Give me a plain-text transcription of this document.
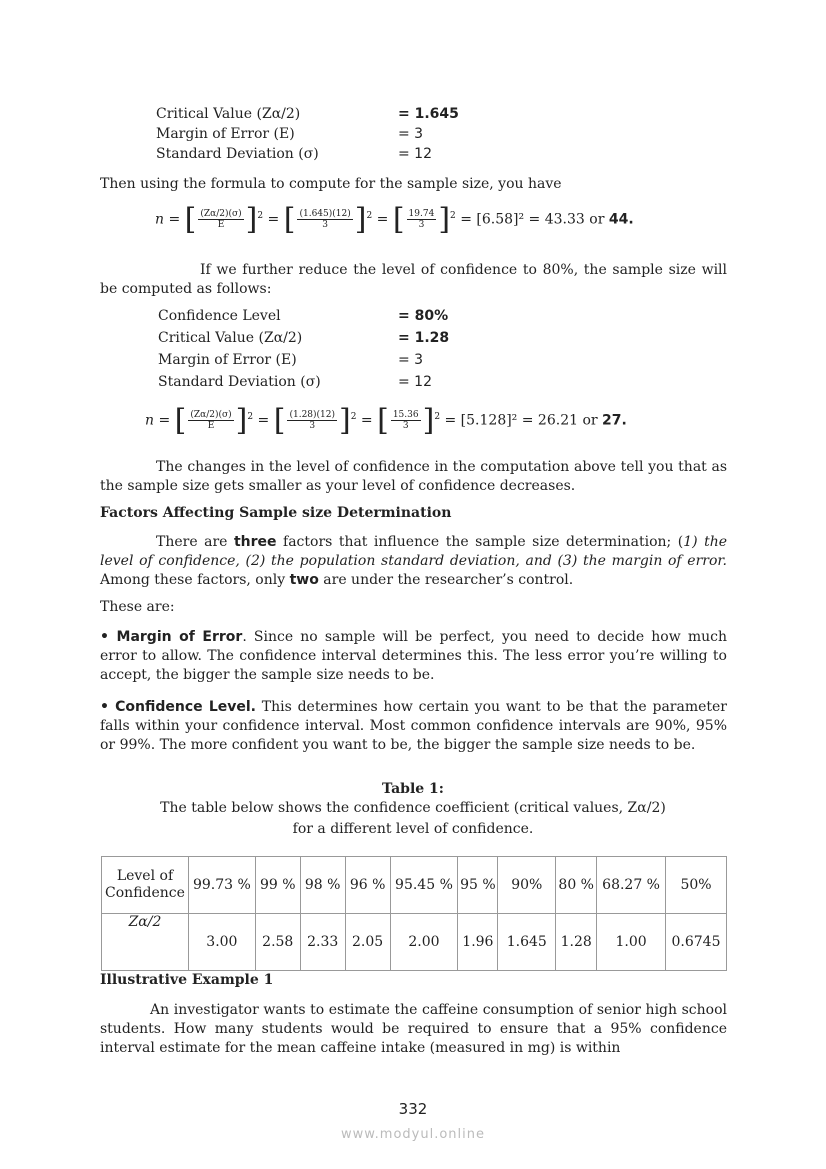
Critical Value (Zα/2)	= 1.645
Margin of Error (E)	= 3
Standard Deviation (σ)	= 12
Then using the formula to compute for the sample size, you have
n = [ $\frac{(Z\alpha/2)(\sigma)}{E} ]^2$ = [ $\frac{(1.645)(12)}{3} ]^2$ = [ $\frac{19.74}{3} ]^2 = [6.58]^2 = 43.33$ or 44.
If we further reduce the level of confidence to 80%, the sample size will be computed as follows:
Confidence Level	= 80%
Critical Value (Zα/2)	= 1.28
Margin of Error (E)	= 3
Standard Deviation (σ)	= 12
n = [ $\frac{(Z\alpha/2)(\sigma)}{E} ]^2$ = [ $\frac{(1.28)(12)}{3} ]^2$ = [ $\frac{15.36}{3} ]^2 = [5.128]^2 = 26.21$ or 27.
The changes in the level of confidence in the computation above tell you that as the sample size gets smaller as your level of confidence decreases.
Factors Affecting Sample size Determination
There are three factors that influence the sample size determination; (1) the level of confidence, (2) the population standard deviation, and (3) the margin of error. Among these factors, only two are under the researcher’s control.
These are:
• Margin of Error. Since no sample will be perfect, you need to decide how much error to allow. The confidence interval determines this. The less error you’re willing to accept, the bigger the sample size needs to be.
• Confidence Level. This determines how certain you want to be that the parameter falls within your confidence interval. Most common confidence intervals are 90%, 95% or 99%. The more confident you want to be, the bigger the sample size needs to be.
Table 1:
The table below shows the confidence coefficient (critical values, Zα/2)
for a different level of confidence.
Level of Confidence	99.73 %	99 %	98 %	96 %	95.45 %	95 %	90%	80 %	68.27 %	50%
Zα/2	3.00	2.58	2.33	2.05	2.00	1.96	1.645	1.28	1.00	0.6745
Illustrative Example 1
An investigator wants to estimate the caffeine consumption of senior high school students. How many students would be required to ensure that a 95% confidence interval estimate for the mean caffeine intake (measured in mg) is within
332
www.modyul.online
